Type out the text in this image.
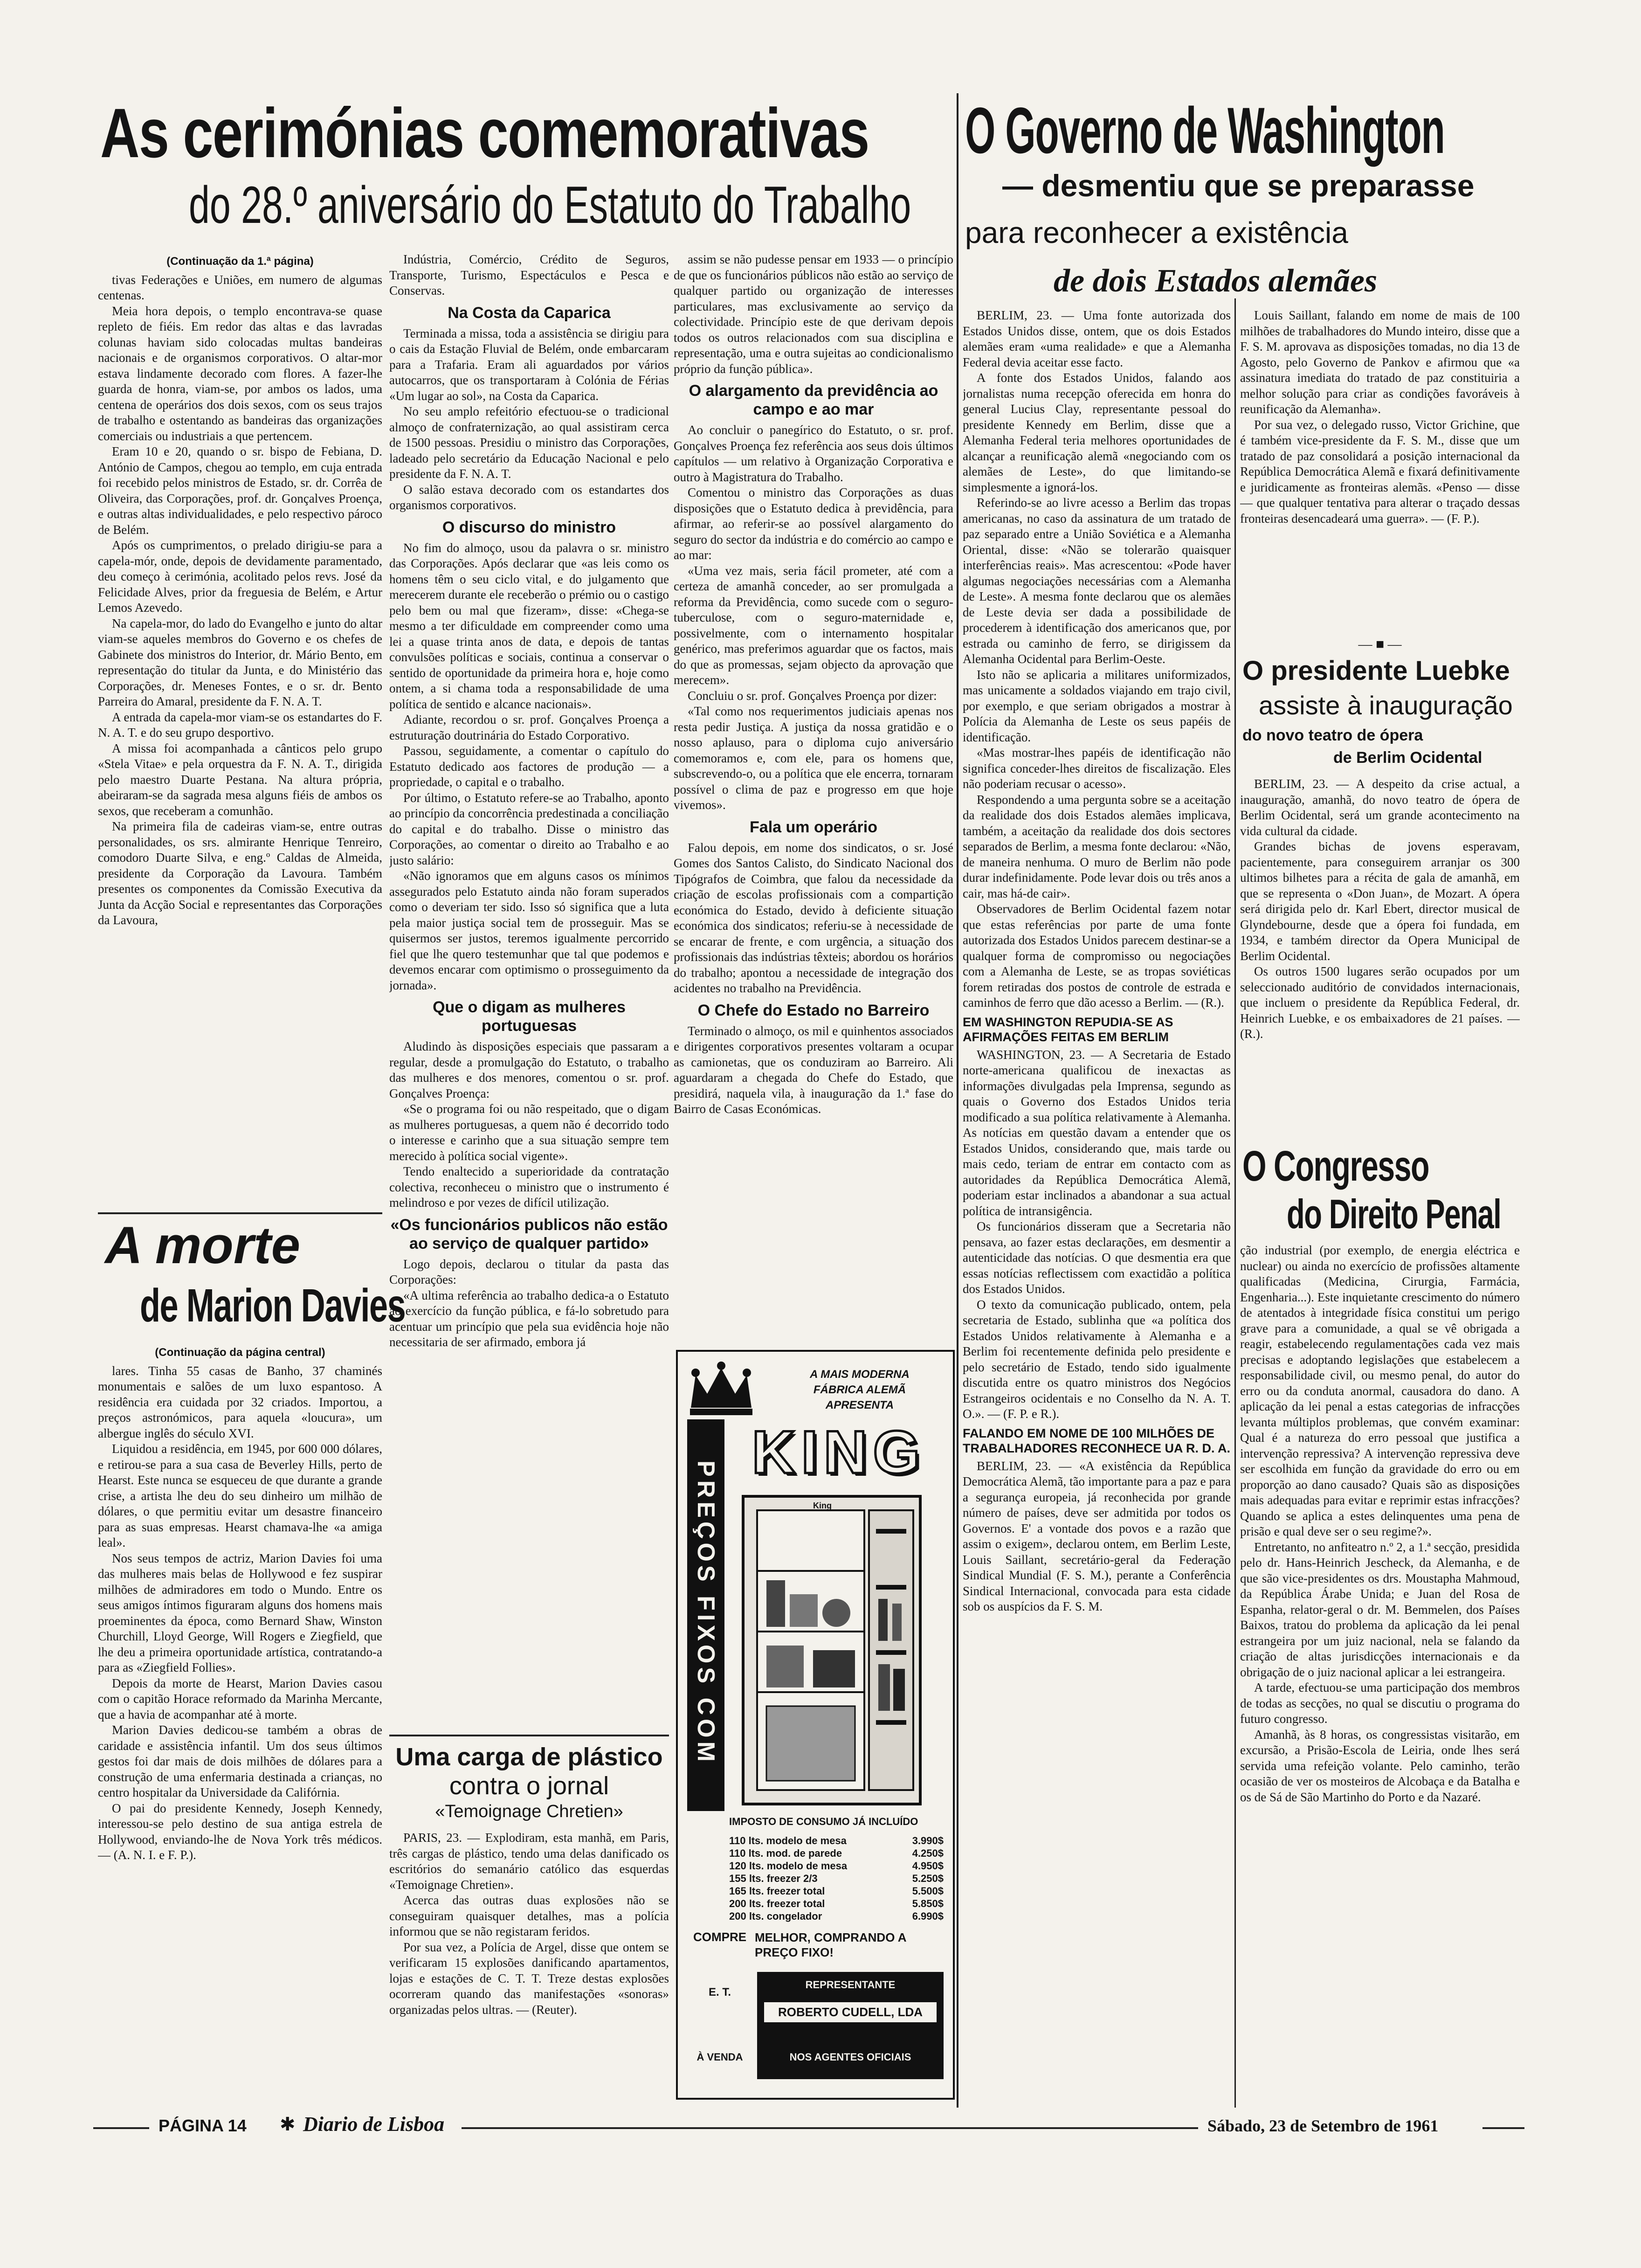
As cerimónias comemorativas
do 28.º aniversário do Estatuto do Trabalho
(Continuação da 1.ª página)

tivas Federações e Uniões, em numero de algumas centenas.

Meia hora depois, o templo encontrava-se quase repleto de fiéis. Em redor das altas e das lavradas colunas haviam sido colocadas multas bandeiras nacionais e de organismos corporativos. O altar-mor estava lindamente decorado com flores. A fazer-lhe guarda de honra, viam-se, por ambos os lados, uma centena de operários dos dois sexos, com os seus trajos de trabalho e ostentando as bandeiras das organizações comerciais ou industriais a que pertencem.

Eram 10 e 20, quando o sr. bispo de Febiana, D. António de Campos, chegou ao templo, em cuja entrada foi recebido pelos ministros de Estado, sr. dr. Corrêa de Oliveira, das Corporações, prof. dr. Gonçalves Proença, e outras altas individualidades, e pelo respectivo pároco de Belém.

Após os cumprimentos, o prelado dirigiu-se para a capela-mór, onde, depois de devidamente paramentado, deu começo à cerimónia, acolitado pelos revs. José da Felicidade Alves, prior da freguesia de Belém, e Artur Lemos Azevedo.

Na capela-mor, do lado do Evangelho e junto do altar viam-se aqueles membros do Governo e os chefes de Gabinete dos ministros do Interior, dr. Mário Bento, em representação do titular da Junta, e do Ministério das Corporações, dr. Meneses Fontes, e o sr. dr. Bento Parreira do Amaral, presidente da F. N. A. T.

A entrada da capela-mor viam-se os estandartes do F. N. A. T. e do seu grupo desportivo.

A missa foi acompanhada a cânticos pelo grupo «Stela Vitae» e pela orquestra da F. N. A. T., dirigida pelo maestro Duarte Pestana. Na altura própria, abeiraram-se da sagrada mesa alguns fiéis de ambos os sexos, que receberam a comunhão.

Na primeira fila de cadeiras viam-se, entre outras personalidades, os srs. almirante Henrique Tenreiro, comodoro Duarte Silva, e eng.º Caldas de Almeida, presidente da Corporação da Lavoura. Também presentes os componentes da Comissão Executiva da Junta da Acção Social e representantes das Corporações da Lavoura,

Indústria, Comércio, Crédito de Seguros, Transporte, Turismo, Espectáculos e Pesca e Conservas.

Na Costa da Caparica

Terminada a missa, toda a assistência se dirigiu para o cais da Estação Fluvial de Belém, onde embarcaram para a Trafaria. Eram ali aguardados por vários autocarros, que os transportaram à Colónia de Férias «Um lugar ao sol», na Costa da Caparica.

No seu amplo refeitório efectuou-se o tradicional almoço de confraternização, ao qual assistiram cerca de 1500 pessoas. Presidiu o ministro das Corporações, ladeado pelo secretário da Educação Nacional e pelo presidente da F. N. A. T.

O salão estava decorado com os estandartes dos organismos corporativos.

O discurso do ministro

No fim do almoço, usou da palavra o sr. ministro das Corporações. Após declarar que «as leis como os homens têm o seu ciclo vital, e do julgamento que merecerem durante ele receberão o prémio ou o castigo pelo bem ou mal que fizeram», disse: «Chega-se mesmo a ter dificuldade em compreender como uma lei a quase trinta anos de data, e depois de tantas convulsões políticas e sociais, continua a conservar o sentido de oportunidade da primeira hora e, hoje como ontem, a si chama toda a responsabilidade de uma política de sentido e alcance nacionais».

Adiante, recordou o sr. prof. Gonçalves Proença a estruturação doutrinária do Estado Corporativo.

Passou, seguidamente, a comentar o capítulo do Estatuto dedicado aos factores de produção — a propriedade, o capital e o trabalho.

Por último, o Estatuto refere-se ao Trabalho, aponto ao princípio da concorrência predestinada a conciliação do capital e do trabalho. Disse o ministro das Corporações, ao comentar o direito ao Trabalho e ao justo salário:

«Não ignoramos que em alguns casos os mínimos assegurados pelo Estatuto ainda não foram superados como o deveriam ter sido. Isso só significa que a luta pela maior justiça social tem de prosseguir. Mas se quisermos ser justos, teremos igualmente percorrido fiel que lhe quero testemunhar que tal que podemos e devemos encarar com optimismo o prosseguimento da jornada».

Que o digam as mulheres portuguesas

Aludindo às disposições especiais que passaram a regular, desde a promulgação do Estatuto, o trabalho das mulheres e dos menores, comentou o sr. prof. Gonçalves Proença:

«Se o programa foi ou não respeitado, que o digam as mulheres portuguesas, a quem não é decorrido todo o interesse e carinho que a sua situação sempre tem merecido à política social vigente».

Tendo enaltecido a superioridade da contratação colectiva, reconheceu o ministro que o instrumento é melindroso e por vezes de difícil utilização.

«Os funcionários publicos não estão ao serviço de qualquer partido»

Logo depois, declarou o titular da pasta das Corporações:

«A ultima referência ao trabalho dedica-a o Estatuto ao exercício da função pública, e fá-lo sobretudo para acentuar um princípio que pela sua evidência hoje não necessitaria de ser afirmado, embora já

assim se não pudesse pensar em 1933 — o princípio de que os funcionários públicos não estão ao serviço de qualquer partido ou organização de interesses particulares, mas exclusivamente ao serviço da colectividade. Princípio este de que derivam depois todos os outros relacionados com sua disciplina e representação, uma e outra sujeitas ao condicionalismo próprio da função pública».

O alargamento da previdência ao campo e ao mar

Ao concluir o panegírico do Estatuto, o sr. prof. Gonçalves Proença fez referência aos seus dois últimos capítulos — um relativo à Organização Corporativa e outro à Magistratura do Trabalho.

Comentou o ministro das Corporações as duas disposições que o Estatuto dedica à previdência, para afirmar, ao referir-se ao possível alargamento do seguro do sector da indústria e do comércio ao campo e ao mar:

«Uma vez mais, seria fácil prometer, até com a certeza de amanhã conceder, ao ser promulgada a reforma da Previdência, como sucede com o seguro-tuberculose, com o seguro-maternidade e, possivelmente, com o internamento hospitalar genérico, mas preferimos aguardar que os factos, mais do que as promessas, sejam objecto da aprovação que merecem».

Concluiu o sr. prof. Gonçalves Proença por dizer:

«Tal como nos requerimentos judiciais apenas nos resta pedir Justiça. A justiça da nossa gratidão e o nosso aplauso, para o diploma cujo aniversário comemoramos e, com ele, para os homens que, subscrevendo-o, ou a política que ele encerra, tornaram possível o clima de paz e progresso em que hoje vivemos».

Fala um operário

Falou depois, em nome dos sindicatos, o sr. José Gomes dos Santos Calisto, do Sindicato Nacional dos Tipógrafos de Coimbra, que falou da necessidade da criação de escolas profissionais com a compartição económica do Estado, devido à deficiente situação económica dos sindicatos; referiu-se à necessidade de se encarar de frente, e com urgência, a situação dos profissionais das indústrias têxteis; abordou os horários do trabalho; apontou a necessidade de integração dos acidentes no trabalho na Previdência.

O Chefe do Estado no Barreiro

Terminado o almoço, os mil e quinhentos associados e dirigentes corporativos presentes voltaram a ocupar as camionetas, que os conduziram ao Barreiro. Ali aguardaram a chegada do Chefe do Estado, que presidirá, naquela vila, à inauguração da 1.ª fase do Bairro de Casas Económicas.

A morte
de Marion Davies
(Continuação da página central)

lares. Tinha 55 casas de Banho, 37 chaminés monumentais e salões de um luxo espantoso. A residência era cuidada por 32 criados. Importou, a preços astronómicos, para aquela «loucura», um albergue inglês do século XVI.

Liquidou a residência, em 1945, por 600 000 dólares, e retirou-se para a sua casa de Beverley Hills, perto de Hearst. Este nunca se esqueceu de que durante a grande crise, a artista lhe deu do seu dinheiro um milhão de dólares, o que permitiu evitar um desastre financeiro para as suas empresas. Hearst chamava-lhe «a amiga leal».

Nos seus tempos de actriz, Marion Davies foi uma das mulheres mais belas de Hollywood e fez suspirar milhões de admiradores em todo o Mundo. Entre os seus amigos íntimos figuraram alguns dos homens mais proeminentes da época, como Bernard Shaw, Winston Churchill, Lloyd George, Will Rogers e Ziegfield, que lhe deu a primeira oportunidade artística, contratando-a para as «Ziegfield Follies».

Depois da morte de Hearst, Marion Davies casou com o capitão Horace reformado da Marinha Mercante, que a havia de acompanhar até à morte.

Marion Davies dedicou-se também a obras de caridade e assistência infantil. Um dos seus últimos gestos foi dar mais de dois milhões de dólares para a construção de uma enfermaria destinada a crianças, no centro hospitalar da Universidade da Califórnia.

O pai do presidente Kennedy, Joseph Kennedy, interessou-se pelo destino de sua antiga estrela de Hollywood, enviando-lhe de Nova York três médicos. — (A. N. I. e F. P.).

Uma carga de plástico
contra o jornal
«Temoignage Chretien»

PARIS, 23. — Explodiram, esta manhã, em Paris, três cargas de plástico, tendo uma delas danificado os escritórios do semanário católico das esquerdas «Temoignage Chretien».

Acerca das outras duas explosões não se conseguiram quaisquer detalhes, mas a polícia informou que se não registaram feridos.

Por sua vez, a Polícia de Argel, disse que ontem se verificaram 15 explosões danificando apartamentos, lojas e estações de C. T. T. Treze destas explosões ocorreram quando das manifestações «sonoras» organizadas pelos ultras. — (Reuter).

A MAIS MODERNA
FÁBRICA ALEMÃ
APRESENTA
PREÇOS FIXOS COM
KING
King
IMPOSTO DE CONSUMO JÁ INCLUÍDO
110 lts. modelo de mesa	3.990$
110 lts. mod. de parede	4.250$
120 lts. modelo de mesa	4.950$
155 lts. freezer 2/3	5.250$
165 lts. freezer total	5.500$
200 lts. freezer total	5.850$
200 lts. congelador	6.990$
COMPRE MELHOR, COMPRANDO A PREÇO FIXO!
E. T.
REPRESENTANTE
ROBERTO CUDELL, LDA
À VENDA	NOS AGENTES OFICIAIS
O Governo de Washington
— desmentiu que se preparasse
para reconhecer a existência
de dois Estados alemães

BERLIM, 23. — Uma fonte autorizada dos Estados Unidos disse, ontem, que os dois Estados alemães eram «uma realidade» e que a Alemanha Federal devia aceitar esse facto.

A fonte dos Estados Unidos, falando aos jornalistas numa recepção oferecida em honra do general Lucius Clay, representante pessoal do presidente Kennedy em Berlim, disse que a Alemanha Federal teria melhores oportunidades de alcançar a reunificação alemã «negociando com os alemães de Leste», do que limitando-se simplesmente a ignorá-los.

Referindo-se ao livre acesso a Berlim das tropas americanas, no caso da assinatura de um tratado de paz separado entre a União Soviética e a Alemanha Oriental, disse: «Não se tolerarão quaisquer interferências reais». Mas acrescentou: «Pode haver algumas negociações necessárias com a Alemanha de Leste». A mesma fonte declarou que os alemães de Leste devia ser dada a possibilidade de procederem à identificação dos americanos que, por estrada ou caminho de ferro, se dirigissem da Alemanha Ocidental para Berlim-Oeste.

Isto não se aplicaria a militares uniformizados, mas unicamente a soldados viajando em trajo civil, por exemplo, e que seriam obrigados a mostrar à Polícia da Alemanha de Leste os seus papéis de identificação.

«Mas mostrar-lhes papéis de identificação não significa conceder-lhes direitos de fiscalização. Eles não poderiam recusar o acesso».

Respondendo a uma pergunta sobre se a aceitação da realidade dos dois Estados alemães implicava, também, a aceitação da realidade dos dois sectores separados de Berlim, a mesma fonte declarou: «Não, de maneira nenhuma. O muro de Berlim não pode durar indefinidamente. Pode levar dois ou três anos a cair, mas há-de cair».

Observadores de Berlim Ocidental fazem notar que estas referências por parte de uma fonte autorizada dos Estados Unidos parecem destinar-se a qualquer forma de compromisso ou negociações com a Alemanha de Leste, se as tropas soviéticas forem retiradas dos postos de controle de estrada e caminhos de ferro que dão acesso a Berlim. — (R.).

EM WASHINGTON REPUDIA-SE AS AFIRMAÇÕES FEITAS EM BERLIM

WASHINGTON, 23. — A Secretaria de Estado norte-americana qualificou de inexactas as informações divulgadas pela Imprensa, segundo as quais o Governo dos Estados Unidos teria modificado a sua política relativamente à Alemanha. As notícias em questão davam a entender que os Estados Unidos, considerando que, mais tarde ou mais cedo, teriam de entrar em contacto com as autoridades da República Democrática Alemã, poderiam estar inclinados a abandonar a sua actual política de intransigência.

Os funcionários disseram que a Secretaria não pensava, ao fazer estas declarações, em desmentir a autenticidade das notícias. O que desmentia era que essas notícias reflectissem com exactidão a política dos Estados Unidos.

O texto da comunicação publicado, ontem, pela secretaria de Estado, sublinha que «a política dos Estados Unidos relativamente à Alemanha e a Berlim foi recentemente definida pelo presidente e pelo secretário de Estado, tendo sido igualmente discutida entre os quatro ministros dos Negócios Estrangeiros ocidentais e no Conselho da N. A. T. O.». — (F. P. e R.).

FALANDO EM NOME DE 100 MILHÕES DE TRABALHADORES RECONHECE UA R. D. A.

BERLIM, 23. — «A existência da República Democrática Alemã, tão importante para a paz e para a segurança europeia, já reconhecida por grande número de países, deve ser admitida por todos os Governos. E' a vontade dos povos e a razão que assim o exigem», declarou ontem, em Berlim Leste, Louis Saillant, secretário-geral da Federação Sindical Mundial (F. S. M.), perante a Conferência Sindical Internacional, convocada para esta cidade sob os auspícios da F. S. M.

Louis Saillant, falando em nome de mais de 100 milhões de trabalhadores do Mundo inteiro, disse que a F. S. M. aprovava as disposições tomadas, no dia 13 de Agosto, pelo Governo de Pankov e afirmou que «a assinatura imediata do tratado de paz constituiria a melhor solução para criar as condições favoráveis à reunificação da Alemanha».

Por sua vez, o delegado russo, Victor Grichine, que é também vice-presidente da F. S. M., disse que um tratado de paz consolidará a posição internacional da República Democrática Alemã e fixará definitivamente e juridicamente as fronteiras alemãs. «Penso — disse — que qualquer tentativa para alterar o traçado dessas fronteiras desencadeará uma guerra». — (F. P.).

— ■ —
O presidente Luebke
assiste à inauguração
do novo teatro de ópera
de Berlim Ocidental

BERLIM, 23. — A despeito da crise actual, a inauguração, amanhã, do novo teatro de ópera de Berlim Ocidental, será um grande acontecimento na vida cultural da cidade.

Grandes bichas de jovens esperavam, pacientemente, para conseguirem arranjar os 300 ultimos bilhetes para a récita de gala de amanhã, em que se representa o «Don Juan», de Mozart. A ópera será dirigida pelo dr. Karl Ebert, director musical de Glyndebourne, desde que a ópera foi fundada, em 1934, e também director da Opera Municipal de Berlim Ocidental.

Os outros 1500 lugares serão ocupados por um seleccionado auditório de convidados internacionais, que incluem o presidente da República Federal, dr. Heinrich Luebke, e os embaixadores de 21 países. — (R.).

O Congresso
do Direito Penal

ção industrial (por exemplo, de energia eléctrica e nuclear) ou ainda no exercício de profissões altamente qualificadas (Medicina, Cirurgia, Farmácia, Engenharia...). Este inquietante crescimento do número de atentados à integridade física constitui um perigo grave para a comunidade, a qual se vê obrigada a reagir, estabelecendo regulamentações cada vez mais precisas e adoptando legislações que estabelecem a responsabilidade civil, ou mesmo penal, do autor do erro ou da conduta anormal, causadora do dano. A aplicação da lei penal a estas categorias de infracções levanta múltiplos problemas, que convém examinar: Qual é a natureza do erro pessoal que justifica a intervenção repressiva? A intervenção repressiva deve ser escolhida em função da gravidade do erro ou em proporção ao dano causado? Quais são as disposições mais adequadas para evitar e reprimir estas infracções? Quando se aplica a estes delinquentes uma pena de prisão e qual deve ser o seu regime?».

Entretanto, no anfiteatro n.º 2, a 1.ª secção, presidida pelo dr. Hans-Heinrich Jescheck, da Alemanha, e de que são vice-presidentes os drs. Moustapha Mahmoud, da República Árabe Unida; e Juan del Rosa de Espanha, relator-geral o dr. M. Bemmelen, dos Países Baixos, tratou do problema da aplicação da lei penal estrangeira por um juiz nacional, nela se falando da criação de altas jurisdicções internacionais e da obrigação de o juiz nacional aplicar a lei estrangeira.

A tarde, efectuou-se uma participação dos membros de todas as secções, no qual se discutiu o programa do futuro congresso.

Amanhã, às 8 horas, os congressistas visitarão, em excursão, a Prisão-Escola de Leiria, onde lhes será servida uma refeição volante. Pelo caminho, terão ocasião de ver os mosteiros de Alcobaça e da Batalha e os de Sá de São Martinho do Porto e da Nazaré.

PÁGINA 14 ✱ Diario de Lisboa	Sábado, 23 de Setembro de 1961
